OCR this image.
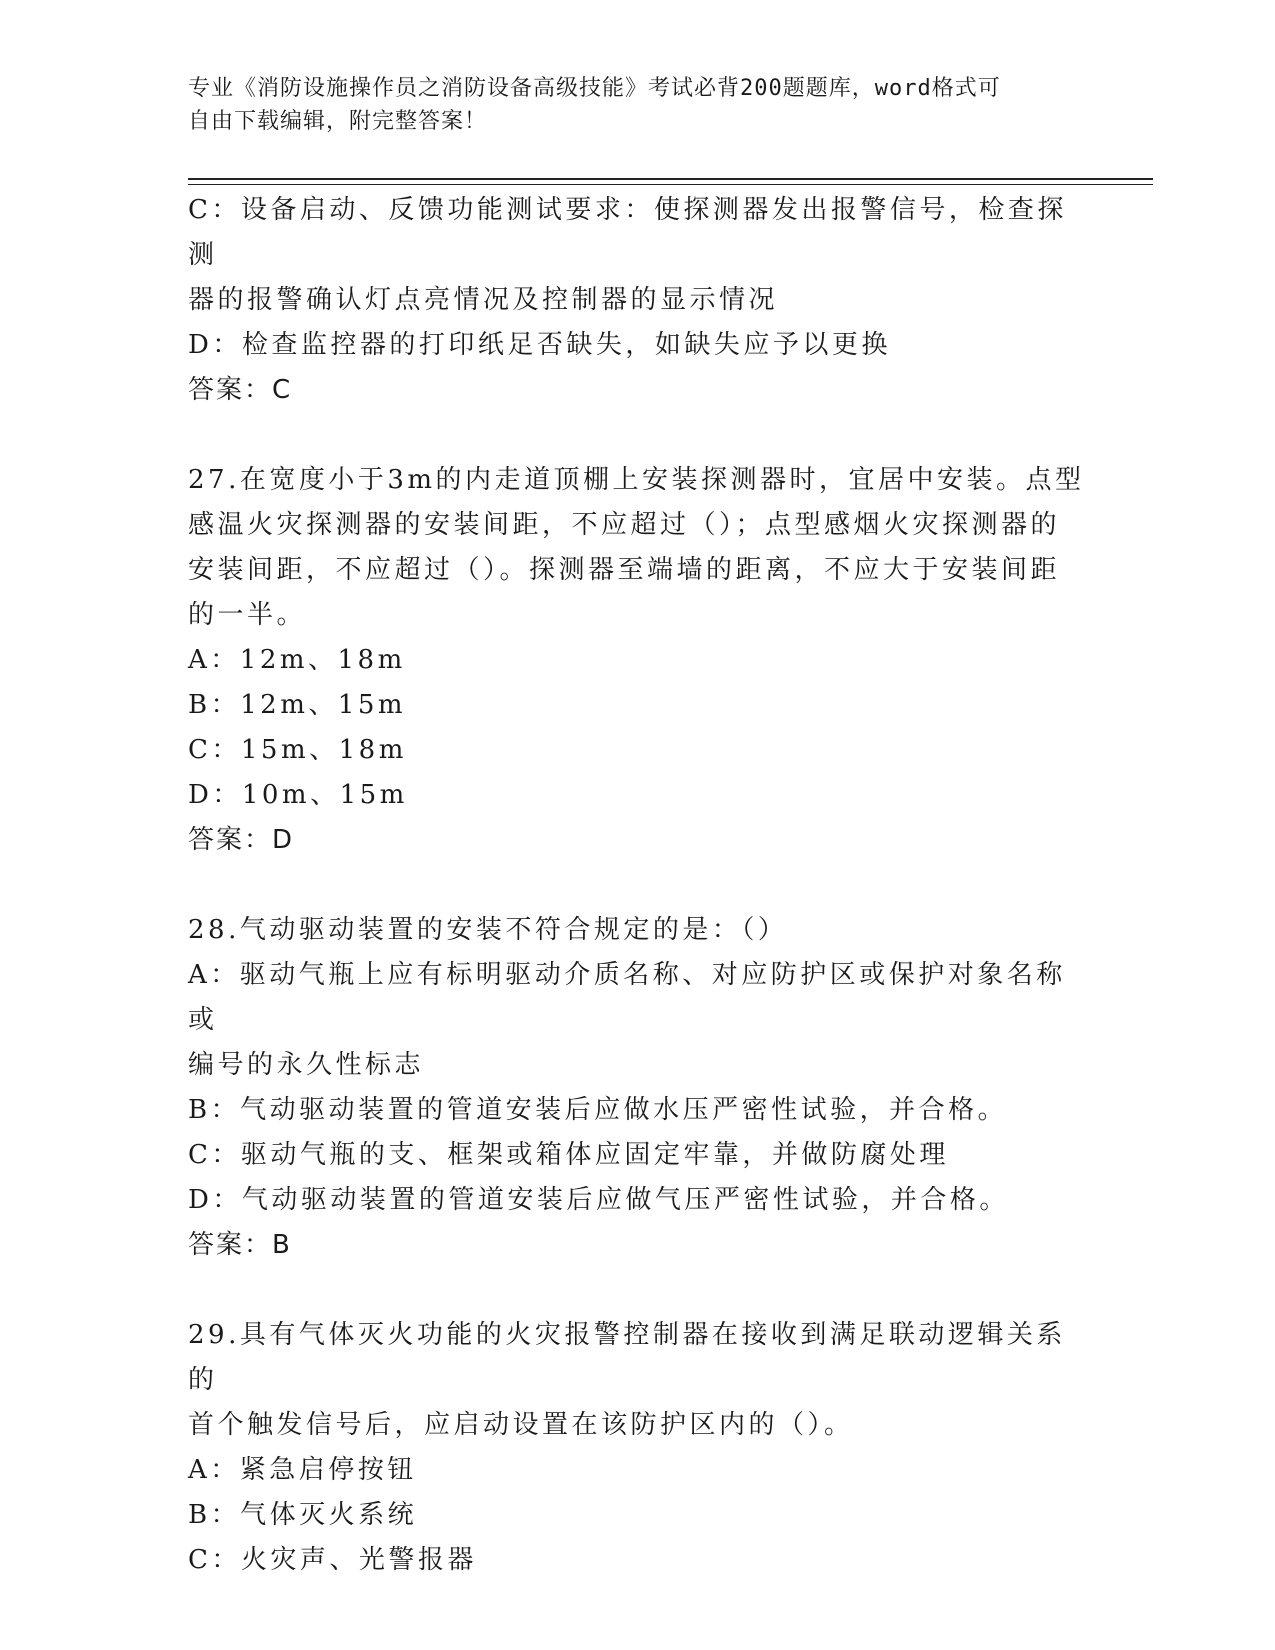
专业《消防设施操作员之消防设备高级技能》考试必背200题题库，word格式可
自由下载编辑，附完整答案！
C：设备启动、反馈功能测试要求：使探测器发出报警信号，检查探测
器的报警确认灯点亮情况及控制器的显示情况
D：检查监控器的打印纸足否缺失，如缺失应予以更换
答案：C
27.在宽度小于3m的内走道顶棚上安装探测器时，宜居中安装。点型
感温火灾探测器的安装间距，不应超过（）；点型感烟火灾探测器的
安装间距，不应超过（）。探测器至端墙的距离，不应大于安装间距
的一半。
A：12m、18m
B：12m、15m
C：15m、18m
D：10m、15m
答案：D
28.气动驱动装置的安装不符合规定的是：（）
A：驱动气瓶上应有标明驱动介质名称、对应防护区或保护对象名称或
编号的永久性标志
B：气动驱动装置的管道安装后应做水压严密性试验，并合格。
C：驱动气瓶的支、框架或箱体应固定牢靠，并做防腐处理
D：气动驱动装置的管道安装后应做气压严密性试验，并合格。
答案：B
29.具有气体灭火功能的火灾报警控制器在接收到满足联动逻辑关系的
首个触发信号后，应启动设置在该防护区内的（）。
A：紧急启停按钮
B：气体灭火系统
C：火灾声、光警报器
